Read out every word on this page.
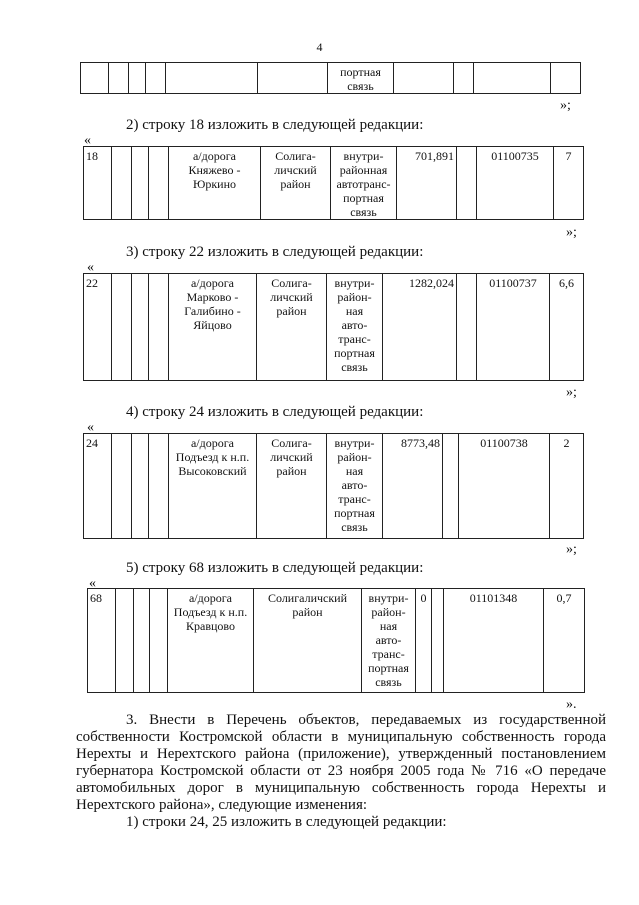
4
						портная
связь				
»;
2) строку 18 изложить в следующей редакции:
«
18				а/дорога Княжево - Юркино	Солига-
личский
район	внутри-
районная
автотранс-
портная
связь	701,891		01100735	7
»;
3) строку 22 изложить в следующей редакции:
«
22				а/дорога Марково - Галибино - Яйцово	Солига-
личский
район	внутри-
район-
ная
авто-
транс-
портная
связь	1282,024		01100737	6,6
»;
4) строку 24 изложить в следующей редакции:
«
24				а/дорога Подъезд к н.п. Высоковский	Солига-
личский
район	внутри-
район-
ная
авто-
транс-
портная
связь	8773,48		01100738	2
»;
5) строку 68 изложить в следующей редакции:
«
68				а/дорога Подъезд к н.п. Кравцово	Солигаличский
район	внутри-
район-
ная
авто-
транс-
портная
связь	0		01101348	0,7
».

3. Внести в Перечень объектов, передаваемых из государственной собственности Костромской области в муниципальную собственность города Нерехты и Нерехтского района (приложение), утвержденный постановлением губернатора Костромской области от 23 ноября 2005 года № 716 «О передаче автомобильных дорог в муниципальную собственность города Нерехты и Нерехтского района», следующие изменения:

1) строки 24, 25 изложить в следующей редакции:
